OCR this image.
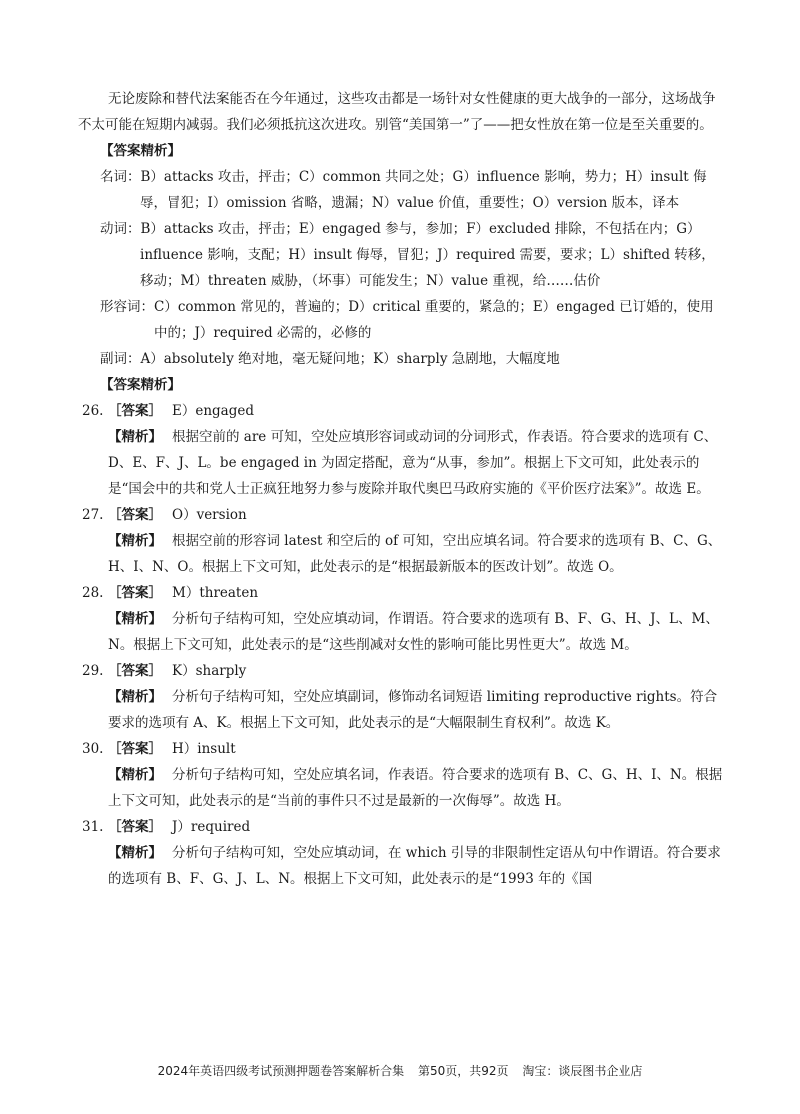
无论废除和替代法案能否在今年通过，这些攻击都是一场针对女性健康的更大战争的一部分，这场战争不太可能在短期内减弱。我们必须抵抗这次进攻。别管“美国第一”了——把女性放在第一位是至关重要的。

【答案精析】

名词：B）attacks 攻击，抨击；C）common 共同之处；G）influence 影响，势力；H）insult 侮辱，冒犯；I）omission 省略，遗漏；N）value 价值，重要性；O）version 版本，译本

动词：B）attacks 攻击，抨击；E）engaged 参与，参加；F）excluded 排除，不包括在内；G）influence 影响，支配；H）insult 侮辱，冒犯；J）required 需要，要求；L）shifted 转移，移动；M）threaten 威胁，（坏事）可能发生；N）value 重视，给……估价

形容词：C）common 常见的，普遍的；D）critical 重要的，紧急的；E）engaged 已订婚的，使用中的；J）required 必需的，必修的

副词：A）absolutely 绝对地，毫无疑问地；K）sharply 急剧地，大幅度地

【答案精析】

26. ［答案］ E）engaged

【精析】 根据空前的 are 可知，空处应填形容词或动词的分词形式，作表语。符合要求的选项有 C、D、E、F、J、L。be engaged in 为固定搭配，意为“从事，参加”。根据上下文可知，此处表示的是“国会中的共和党人士正疯狂地努力参与废除并取代奥巴马政府实施的《平价医疗法案》”。故选 E。

27. ［答案］ O）version

【精析】 根据空前的形容词 latest 和空后的 of 可知，空出应填名词。符合要求的选项有 B、C、G、H、I、N、O。根据上下文可知，此处表示的是“根据最新版本的医改计划”。故选 O。

28. ［答案］ M）threaten

【精析】 分析句子结构可知，空处应填动词，作谓语。符合要求的选项有 B、F、G、H、J、L、M、N。根据上下文可知，此处表示的是“这些削减对女性的影响可能比男性更大”。故选 M。

29. ［答案］ K）sharply

【精析】 分析句子结构可知，空处应填副词，修饰动名词短语 limiting reproductive rights。符合要求的选项有 A、K。根据上下文可知，此处表示的是“大幅限制生育权利”。故选 K。

30. ［答案］ H）insult

【精析】 分析句子结构可知，空处应填名词，作表语。符合要求的选项有 B、C、G、H、I、N。根据上下文可知，此处表示的是“当前的事件只不过是最新的一次侮辱”。故选 H。

31. ［答案］ J）required

【精析】 分析句子结构可知，空处应填动词，在 which 引导的非限制性定语从句中作谓语。符合要求的选项有 B、F、G、J、L、N。根据上下文可知，此处表示的是“1993 年的《国

2024年英语四级考试预测押题卷答案解析合集 第50页，共92页 淘宝：谈辰图书企业店
